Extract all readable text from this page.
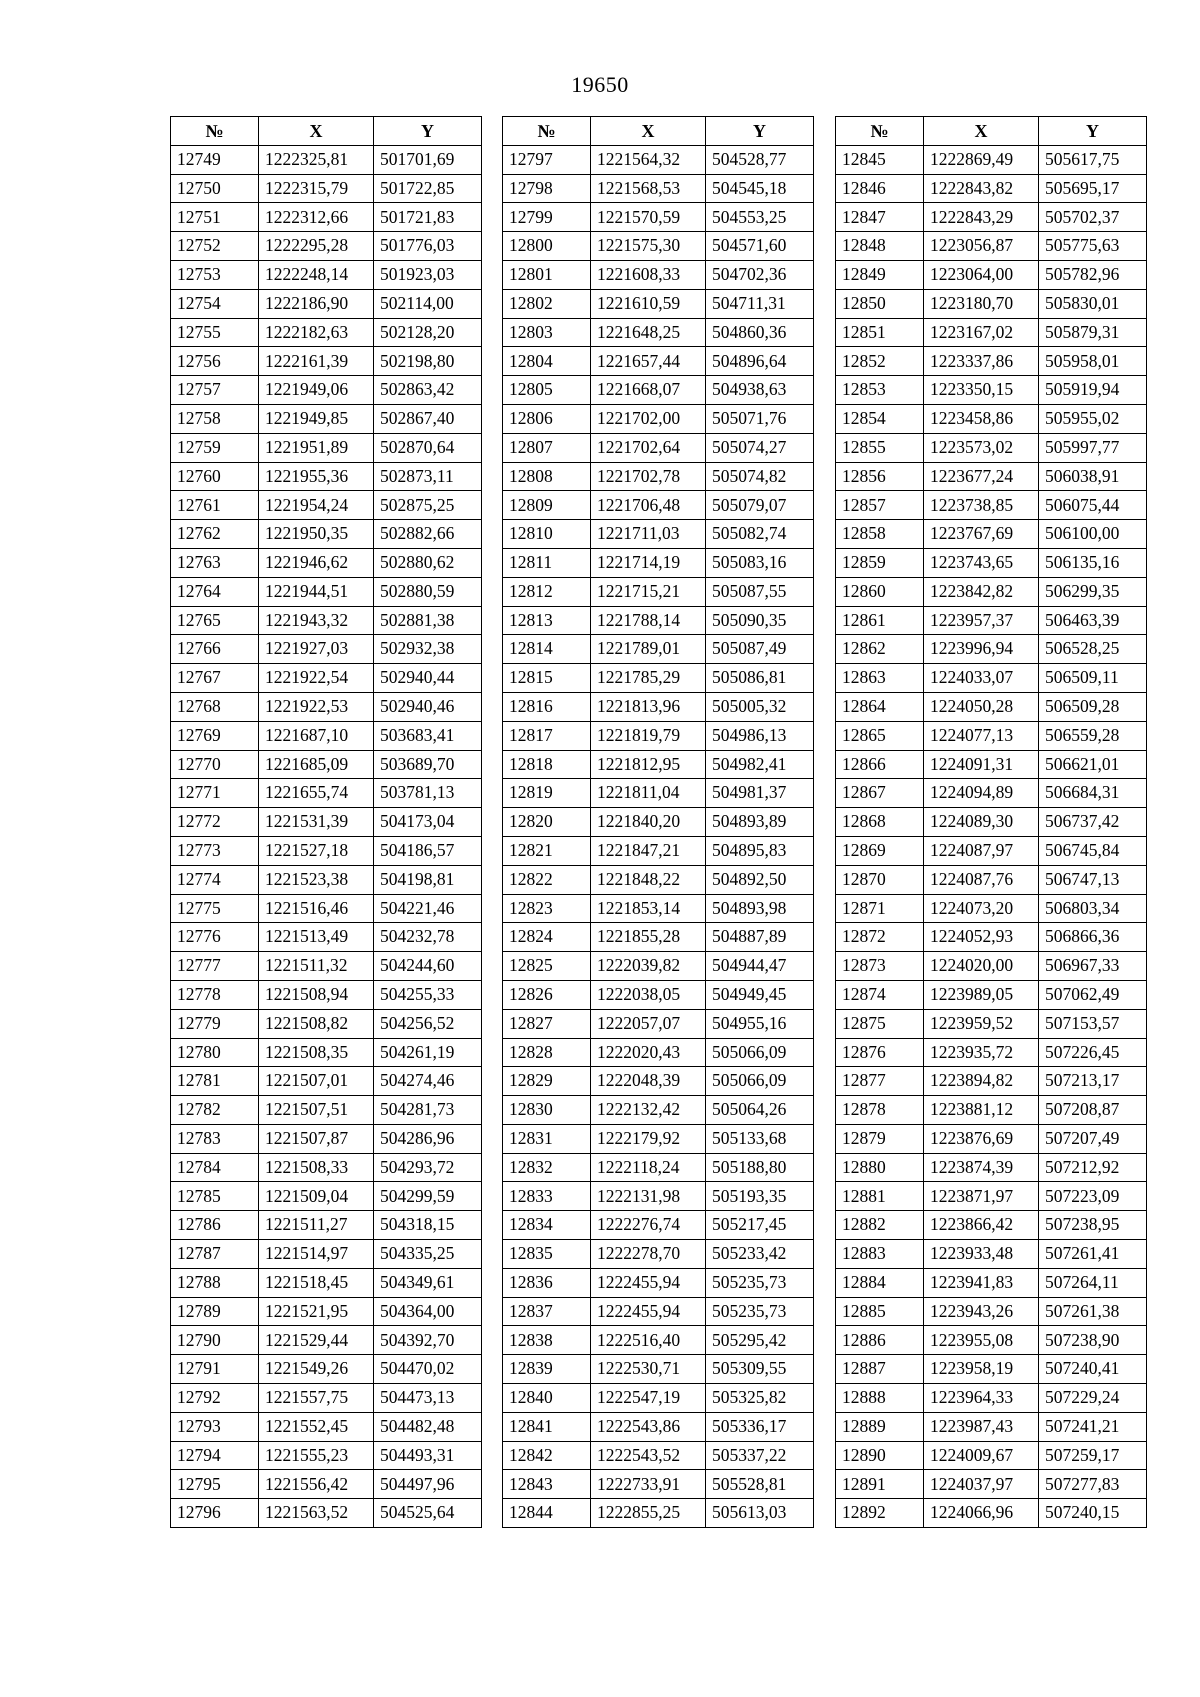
19650
№	X	Y
12749	1222325,81	501701,69
12750	1222315,79	501722,85
12751	1222312,66	501721,83
12752	1222295,28	501776,03
12753	1222248,14	501923,03
12754	1222186,90	502114,00
12755	1222182,63	502128,20
12756	1222161,39	502198,80
12757	1221949,06	502863,42
12758	1221949,85	502867,40
12759	1221951,89	502870,64
12760	1221955,36	502873,11
12761	1221954,24	502875,25
12762	1221950,35	502882,66
12763	1221946,62	502880,62
12764	1221944,51	502880,59
12765	1221943,32	502881,38
12766	1221927,03	502932,38
12767	1221922,54	502940,44
12768	1221922,53	502940,46
12769	1221687,10	503683,41
12770	1221685,09	503689,70
12771	1221655,74	503781,13
12772	1221531,39	504173,04
12773	1221527,18	504186,57
12774	1221523,38	504198,81
12775	1221516,46	504221,46
12776	1221513,49	504232,78
12777	1221511,32	504244,60
12778	1221508,94	504255,33
12779	1221508,82	504256,52
12780	1221508,35	504261,19
12781	1221507,01	504274,46
12782	1221507,51	504281,73
12783	1221507,87	504286,96
12784	1221508,33	504293,72
12785	1221509,04	504299,59
12786	1221511,27	504318,15
12787	1221514,97	504335,25
12788	1221518,45	504349,61
12789	1221521,95	504364,00
12790	1221529,44	504392,70
12791	1221549,26	504470,02
12792	1221557,75	504473,13
12793	1221552,45	504482,48
12794	1221555,23	504493,31
12795	1221556,42	504497,96
12796	1221563,52	504525,64
№	X	Y
12797	1221564,32	504528,77
12798	1221568,53	504545,18
12799	1221570,59	504553,25
12800	1221575,30	504571,60
12801	1221608,33	504702,36
12802	1221610,59	504711,31
12803	1221648,25	504860,36
12804	1221657,44	504896,64
12805	1221668,07	504938,63
12806	1221702,00	505071,76
12807	1221702,64	505074,27
12808	1221702,78	505074,82
12809	1221706,48	505079,07
12810	1221711,03	505082,74
12811	1221714,19	505083,16
12812	1221715,21	505087,55
12813	1221788,14	505090,35
12814	1221789,01	505087,49
12815	1221785,29	505086,81
12816	1221813,96	505005,32
12817	1221819,79	504986,13
12818	1221812,95	504982,41
12819	1221811,04	504981,37
12820	1221840,20	504893,89
12821	1221847,21	504895,83
12822	1221848,22	504892,50
12823	1221853,14	504893,98
12824	1221855,28	504887,89
12825	1222039,82	504944,47
12826	1222038,05	504949,45
12827	1222057,07	504955,16
12828	1222020,43	505066,09
12829	1222048,39	505066,09
12830	1222132,42	505064,26
12831	1222179,92	505133,68
12832	1222118,24	505188,80
12833	1222131,98	505193,35
12834	1222276,74	505217,45
12835	1222278,70	505233,42
12836	1222455,94	505235,73
12837	1222455,94	505235,73
12838	1222516,40	505295,42
12839	1222530,71	505309,55
12840	1222547,19	505325,82
12841	1222543,86	505336,17
12842	1222543,52	505337,22
12843	1222733,91	505528,81
12844	1222855,25	505613,03
№	X	Y
12845	1222869,49	505617,75
12846	1222843,82	505695,17
12847	1222843,29	505702,37
12848	1223056,87	505775,63
12849	1223064,00	505782,96
12850	1223180,70	505830,01
12851	1223167,02	505879,31
12852	1223337,86	505958,01
12853	1223350,15	505919,94
12854	1223458,86	505955,02
12855	1223573,02	505997,77
12856	1223677,24	506038,91
12857	1223738,85	506075,44
12858	1223767,69	506100,00
12859	1223743,65	506135,16
12860	1223842,82	506299,35
12861	1223957,37	506463,39
12862	1223996,94	506528,25
12863	1224033,07	506509,11
12864	1224050,28	506509,28
12865	1224077,13	506559,28
12866	1224091,31	506621,01
12867	1224094,89	506684,31
12868	1224089,30	506737,42
12869	1224087,97	506745,84
12870	1224087,76	506747,13
12871	1224073,20	506803,34
12872	1224052,93	506866,36
12873	1224020,00	506967,33
12874	1223989,05	507062,49
12875	1223959,52	507153,57
12876	1223935,72	507226,45
12877	1223894,82	507213,17
12878	1223881,12	507208,87
12879	1223876,69	507207,49
12880	1223874,39	507212,92
12881	1223871,97	507223,09
12882	1223866,42	507238,95
12883	1223933,48	507261,41
12884	1223941,83	507264,11
12885	1223943,26	507261,38
12886	1223955,08	507238,90
12887	1223958,19	507240,41
12888	1223964,33	507229,24
12889	1223987,43	507241,21
12890	1224009,67	507259,17
12891	1224037,97	507277,83
12892	1224066,96	507240,15
